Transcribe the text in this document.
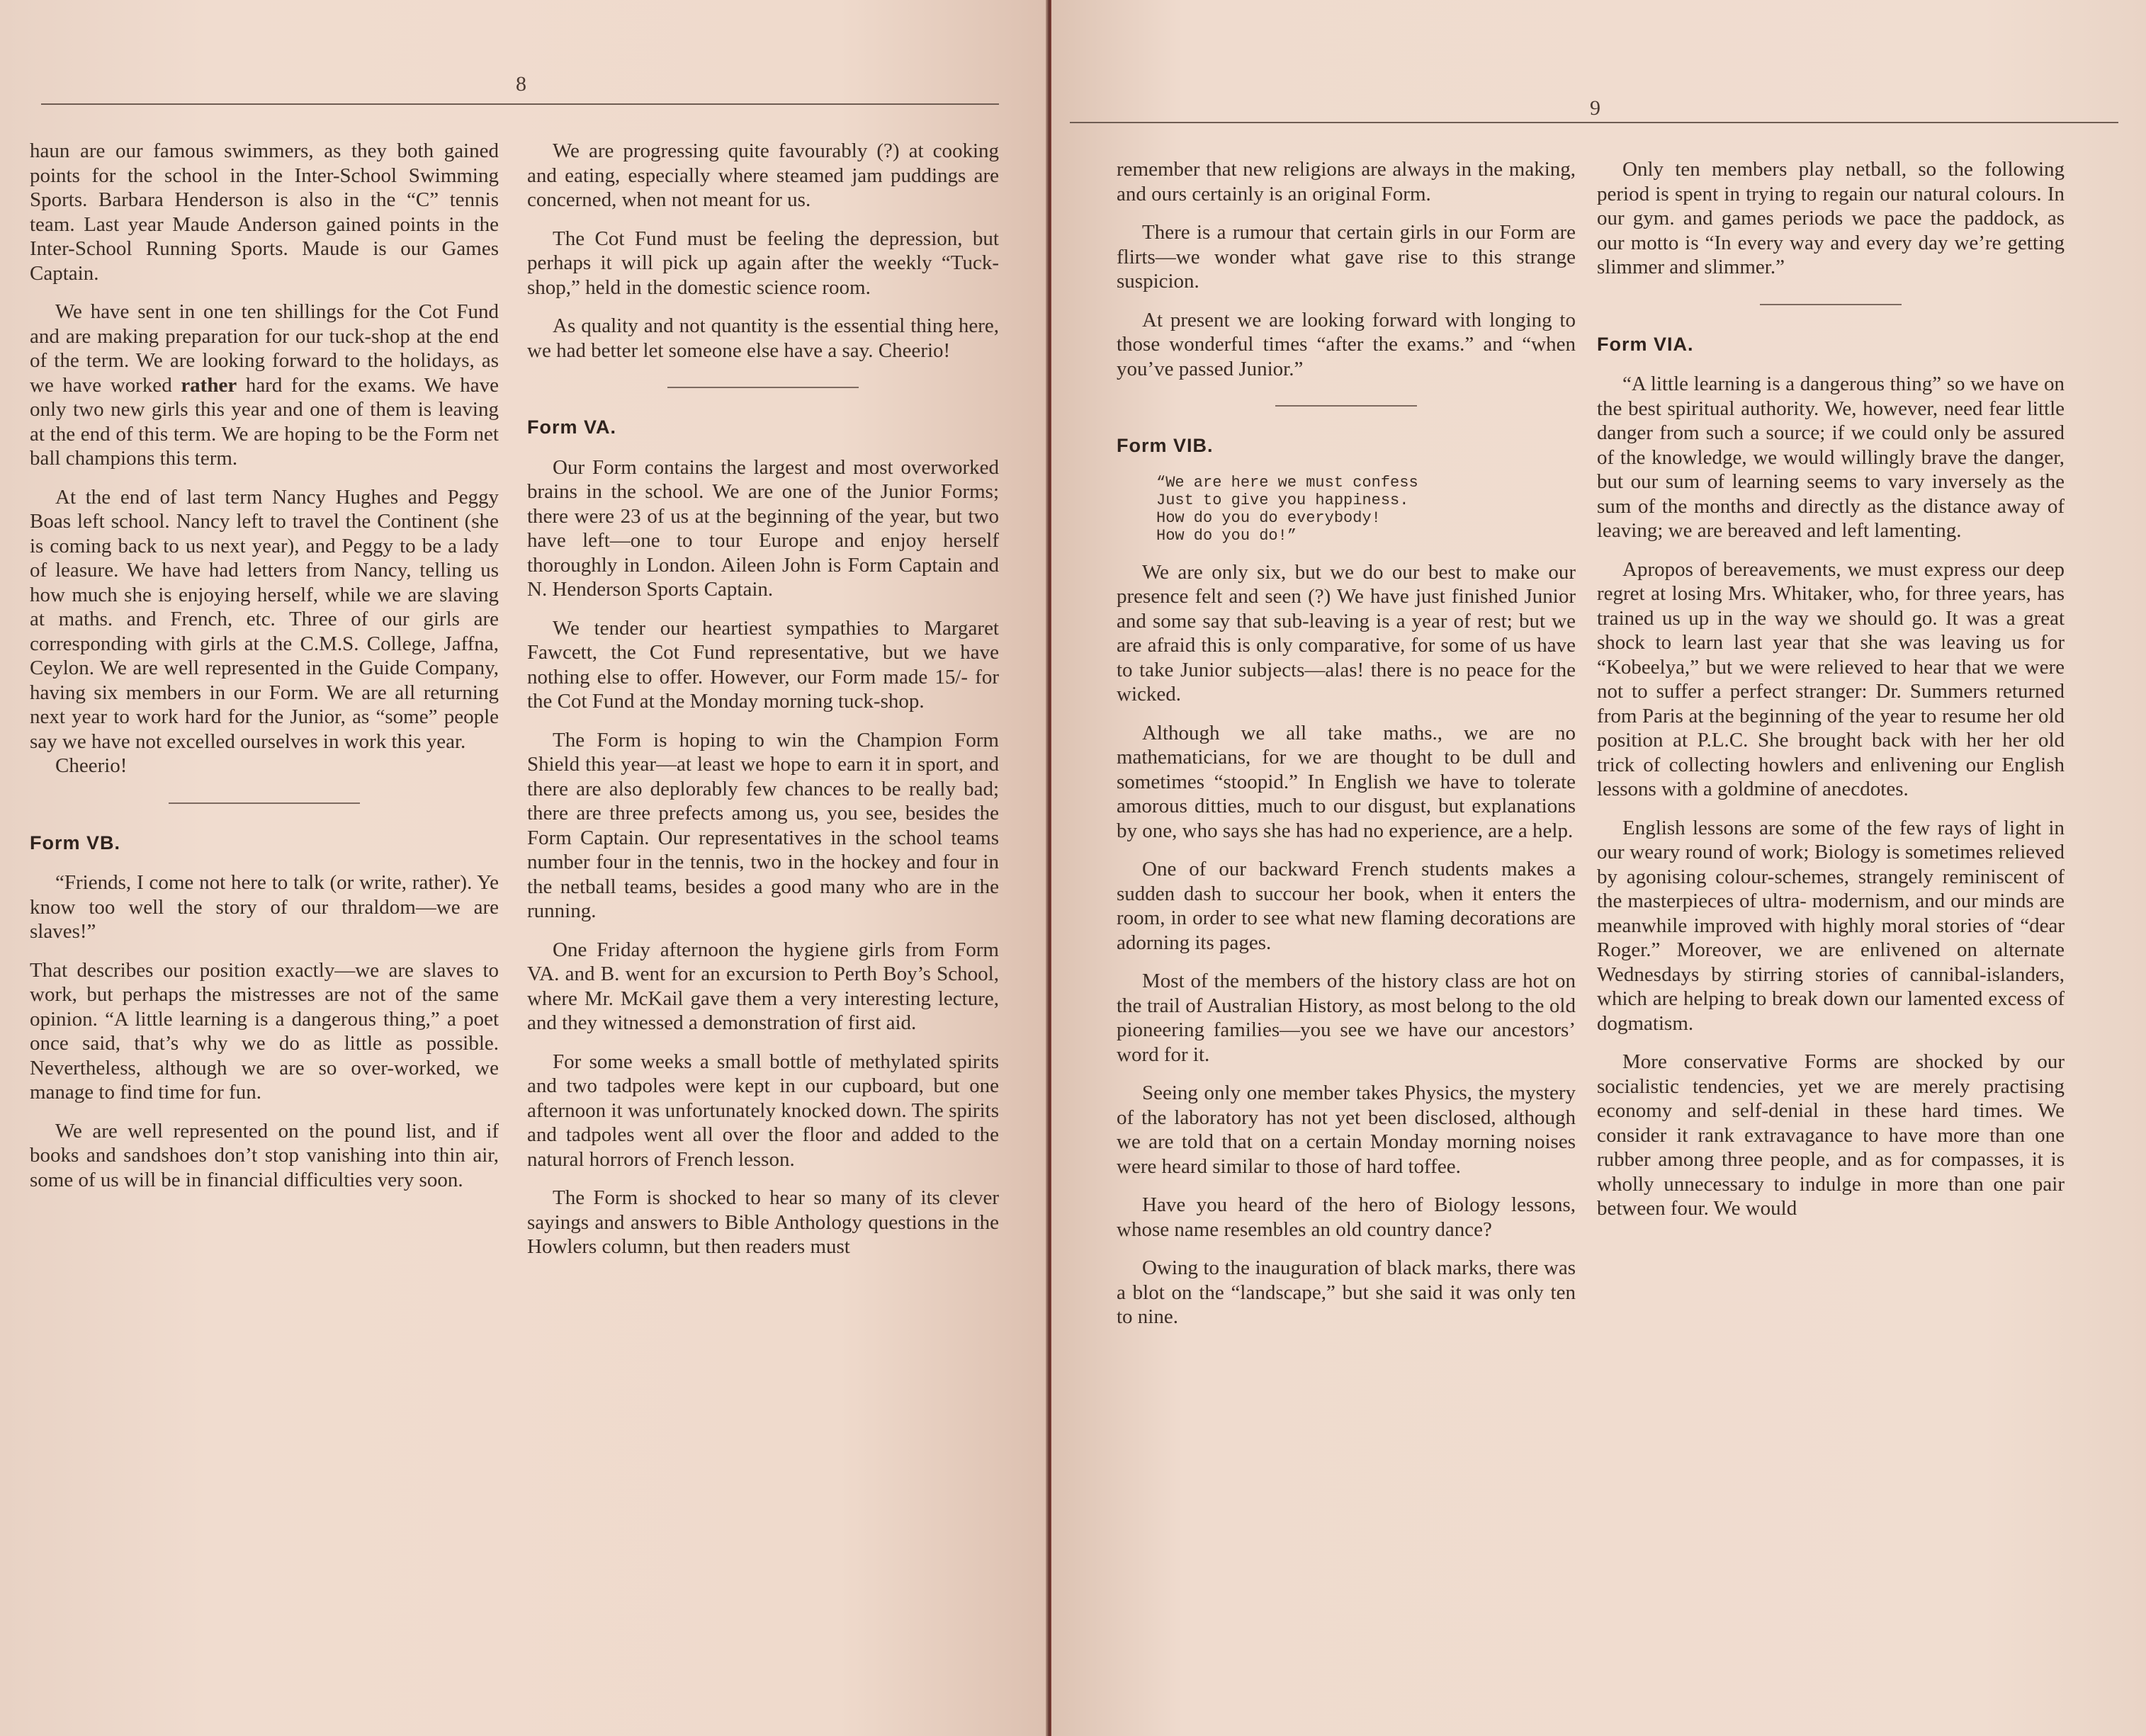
8

haun are our famous swimmers, as they both gained points for the school in the Inter-School Swimming Sports. Barbara Henderson is also in the “C” tennis team. Last year Maude Anderson gained points in the Inter-School Running Sports. Maude is our Games Captain.

We have sent in one ten shillings for the Cot Fund and are making preparation for our tuck-shop at the end of the term. We are looking forward to the holidays, as we have worked rather hard for the exams. We have only two new girls this year and one of them is leaving at the end of this term. We are hoping to be the Form net ball champions this term.

At the end of last term Nancy Hughes and Peggy Boas left school. Nancy left to travel the Continent (she is coming back to us next year), and Peggy to be a lady of leasure. We have had letters from Nancy, telling us how much she is enjoying herself, while we are slaving at maths. and French, etc. Three of our girls are corresponding with girls at the C.M.S. College, Jaffna, Ceylon. We are well represented in the Guide Company, having six members in our Form. We are all returning next year to work hard for the Junior, as “some” people say we have not excelled ourselves in work this year.

Cheerio!

Form VB.

“Friends, I come not here to talk (or write, rather). Ye know too well the story of our thraldom—we are slaves!”

That describes our position exactly—we are slaves to work, but perhaps the mistresses are not of the same opinion. “A little learning is a dangerous thing,” a poet once said, that’s why we do as little as possible. Nevertheless, although we are so over-worked, we manage to find time for fun.

We are well represented on the pound list, and if books and sandshoes don’t stop vanishing into thin air, some of us will be in financial difficulties very soon.

We are progressing quite favourably (?) at cooking and eating, especially where steamed jam puddings are concerned, when not meant for us.

The Cot Fund must be feeling the depression, but perhaps it will pick up again after the weekly “Tuck-shop,” held in the domestic science room.

As quality and not quantity is the essential thing here, we had better let someone else have a say. Cheerio!

Form VA.

Our Form contains the largest and most overworked brains in the school. We are one of the Junior Forms; there were 23 of us at the beginning of the year, but two have left—one to tour Europe and enjoy herself thoroughly in London. Aileen John is Form Captain and N. Henderson Sports Captain.

We tender our heartiest sympathies to Margaret Fawcett, the Cot Fund representative, but we have nothing else to offer. However, our Form made 15/- for the Cot Fund at the Monday morning tuck-shop.

The Form is hoping to win the Champion Form Shield this year—at least we hope to earn it in sport, and there are also deplorably few chances to be really bad; there are three prefects among us, you see, besides the Form Captain. Our representatives in the school teams number four in the tennis, two in the hockey and four in the netball teams, besides a good many who are in the running.

One Friday afternoon the hygiene girls from Form VA. and B. went for an excursion to Perth Boy’s School, where Mr. McKail gave them a very interesting lecture, and they witnessed a demonstration of first aid.

For some weeks a small bottle of methylated spirits and two tadpoles were kept in our cupboard, but one afternoon it was unfortunately knocked down. The spirits and tadpoles went all over the floor and added to the natural horrors of French lesson.

The Form is shocked to hear so many of its clever sayings and answers to Bible Anthology questions in the Howlers column, but then readers must

9

remember that new religions are always in the making, and ours certainly is an original Form.

There is a rumour that certain girls in our Form are flirts—we wonder what gave rise to this strange suspicion.

At present we are looking forward with longing to those wonderful times “after the exams.” and “when you’ve passed Junior.”

Form VIB.
“We are here we must confess
Just to give you happiness.
How do you do everybody!
How do you do!”

We are only six, but we do our best to make our presence felt and seen (?) We have just finished Junior and some say that sub-leaving is a year of rest; but we are afraid this is only comparative, for some of us have to take Junior subjects—alas! there is no peace for the wicked.

Although we all take maths., we are no mathematicians, for we are thought to be dull and sometimes “stoopid.” In English we have to tolerate amorous ditties, much to our disgust, but explanations by one, who says she has had no experience, are a help.

One of our backward French students makes a sudden dash to succour her book, when it enters the room, in order to see what new flaming decorations are adorning its pages.

Most of the members of the history class are hot on the trail of Australian History, as most belong to the old pioneering families—you see we have our ancestors’ word for it.

Seeing only one member takes Physics, the mystery of the laboratory has not yet been disclosed, although we are told that on a certain Monday morning noises were heard similar to those of hard toffee.

Have you heard of the hero of Biology lessons, whose name resembles an old country dance?

Owing to the inauguration of black marks, there was a blot on the “landscape,” but she said it was only ten to nine.

Only ten members play netball, so the following period is spent in trying to regain our natural colours. In our gym. and games periods we pace the paddock, as our motto is “In every way and every day we’re getting slimmer and slimmer.”

Form VIA.

“A little learning is a dangerous thing” so we have on the best spiritual authority. We, however, need fear little danger from such a source; if we could only be assured of the knowledge, we would willingly brave the danger, but our sum of learning seems to vary inversely as the sum of the months and directly as the distance away of leaving; we are bereaved and left lamenting.

Apropos of bereavements, we must express our deep regret at losing Mrs. Whitaker, who, for three years, has trained us up in the way we should go. It was a great shock to learn last year that she was leaving us for “Kobeelya,” but we were relieved to hear that we were not to suffer a perfect stranger: Dr. Summers returned from Paris at the beginning of the year to resume her old position at P.L.C. She brought back with her her old trick of collecting howlers and enlivening our English lessons with a goldmine of anecdotes.

English lessons are some of the few rays of light in our weary round of work; Biology is sometimes relieved by agonising colour-schemes, strangely reminiscent of the masterpieces of ultra- modernism, and our minds are meanwhile improved with highly moral stories of “dear Roger.” Moreover, we are enlivened on alternate Wednesdays by stirring stories of cannibal-islanders, which are helping to break down our lamented excess of dogmatism.

More conservative Forms are shocked by our socialistic tendencies, yet we are merely practising economy and self-denial in these hard times. We consider it rank extravagance to have more than one rubber among three people, and as for compasses, it is wholly unnecessary to indulge in more than one pair between four. We would
